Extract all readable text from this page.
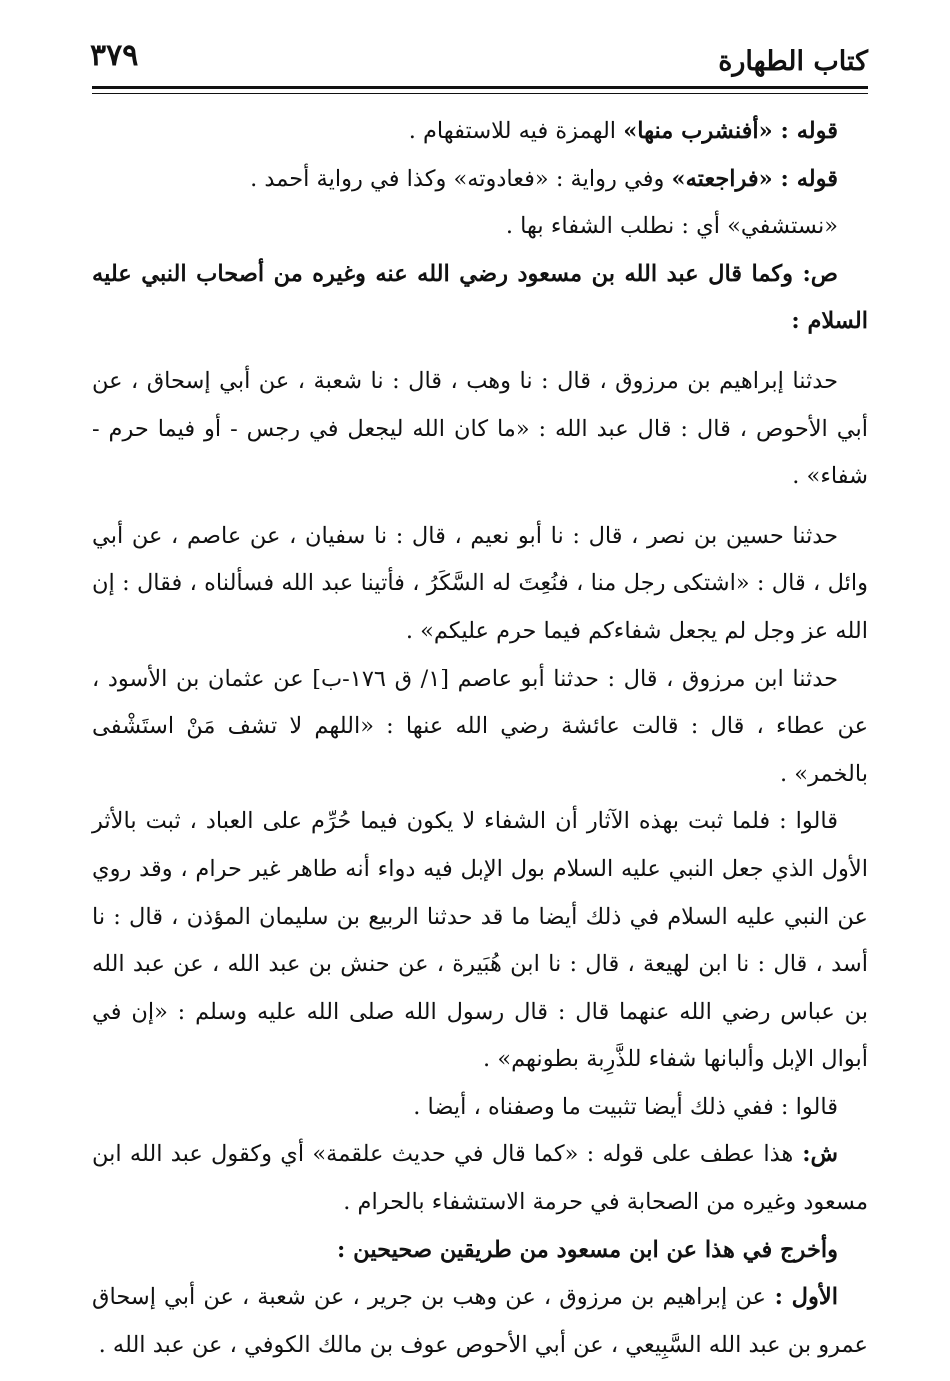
كتاب الطهارة
٣٧٩

قوله : «أفنشرب منها» الهمزة فيه للاستفهام .

قوله : «فراجعته» وفي رواية : «فعادوته» وكذا في رواية أحمد .

«نستشفي» أي : نطلب الشفاء بها .

ص: وكما قال عبد الله بن مسعود رضي الله عنه وغيره من أصحاب النبي عليه السلام :

حدثنا إبراهيم بن مرزوق ، قال : نا وهب ، قال : نا شعبة ، عن أبي إسحاق ، عن أبي الأحوص ، قال : قال عبد الله : «ما كان الله ليجعل في رجس - أو فيما حرم - شفاء» .

حدثنا حسين بن نصر ، قال : نا أبو نعيم ، قال : نا سفيان ، عن عاصم ، عن أبي وائل ، قال : «اشتكى رجل منا ، فنُعِتَ له السَّكَرُ ، فأتينا عبد الله فسألناه ، فقال : إن الله عز وجل لم يجعل شفاءكم فيما حرم عليكم» .

حدثنا ابن مرزوق ، قال : حدثنا أبو عاصم [١/ ق ١٧٦-ب] عن عثمان بن الأسود ، عن عطاء ، قال : قالت عائشة رضي الله عنها : «اللهم لا تشف مَنْ استَشْفى بالخمر» .

قالوا : فلما ثبت بهذه الآثار أن الشفاء لا يكون فيما حُرِّم على العباد ، ثبت بالأثر الأول الذي جعل النبي عليه السلام بول الإبل فيه دواء أنه طاهر غير حرام ، وقد روي عن النبي عليه السلام في ذلك أيضا ما قد حدثنا الربيع بن سليمان المؤذن ، قال : نا أسد ، قال : نا ابن لهيعة ، قال : نا ابن هُبَيرة ، عن حنش بن عبد الله ، عن عبد الله بن عباس رضي الله عنهما قال : قال رسول الله صلى الله عليه وسلم : «إن في أبوال الإبل وألبانها شفاء للذَّرِبة بطونهم» .

قالوا : ففي ذلك أيضا تثبيت ما وصفناه ، أيضا .

ش: هذا عطف على قوله : «كما قال في حديث علقمة» أي وكقول عبد الله ابن مسعود وغيره من الصحابة في حرمة الاستشفاء بالحرام .

وأخرج في هذا عن ابن مسعود من طريقين صحيحين :

الأول : عن إبراهيم بن مرزوق ، عن وهب بن جرير ، عن شعبة ، عن أبي إسحاق عمرو بن عبد الله السَّبِيعي ، عن أبي الأحوص عوف بن مالك الكوفي ، عن عبد الله .
